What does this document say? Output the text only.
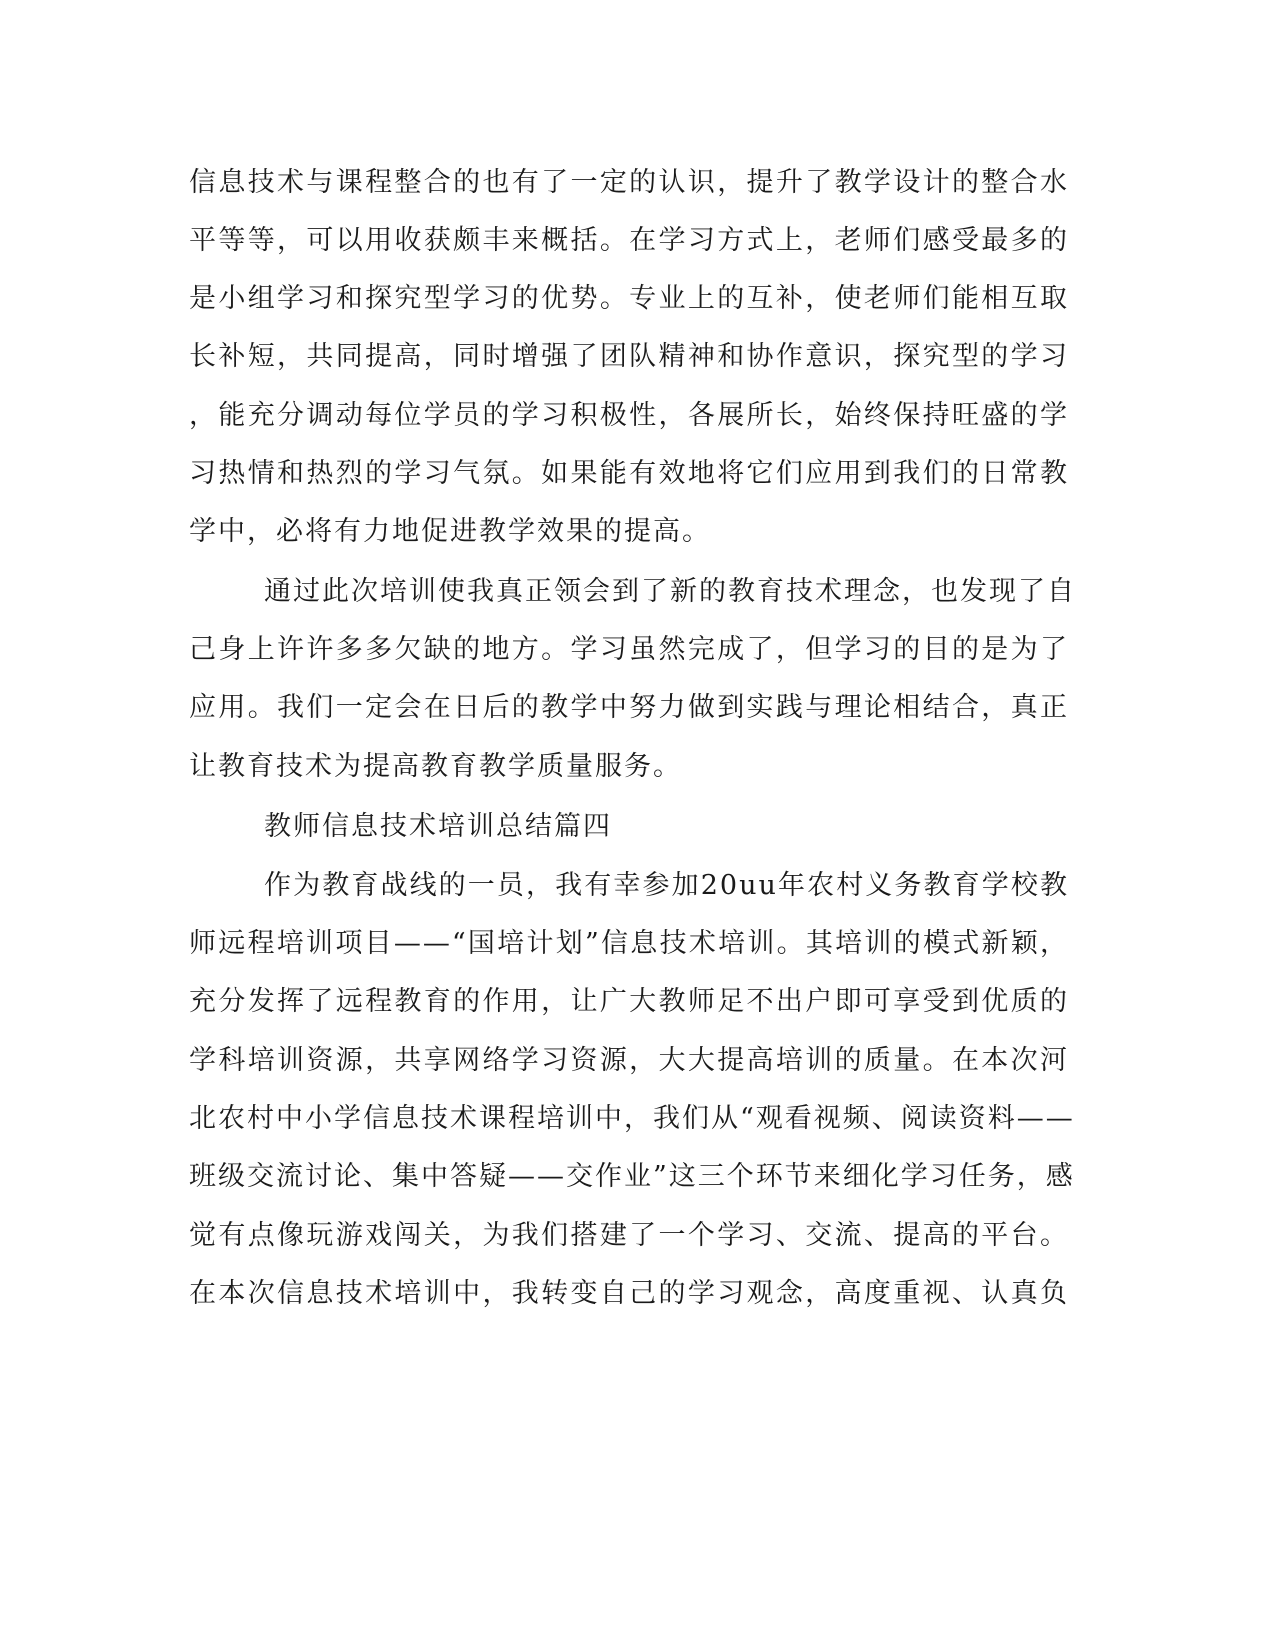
信息技术与课程整合的也有了一定的认识，提升了教学设计的整合水
平等等，可以用收获颇丰来概括。在学习方式上，老师们感受最多的
是小组学习和探究型学习的优势。专业上的互补，使老师们能相互取
长补短，共同提高，同时增强了团队精神和协作意识，探究型的学习
，能充分调动每位学员的学习积极性，各展所长，始终保持旺盛的学
习热情和热烈的学习气氛。如果能有效地将它们应用到我们的日常教
学中，必将有力地促进教学效果的提高。
通过此次培训使我真正领会到了新的教育技术理念，也发现了自
己身上许许多多欠缺的地方。学习虽然完成了，但学习的目的是为了
应用。我们一定会在日后的教学中努力做到实践与理论相结合，真正
让教育技术为提高教育教学质量服务。
教师信息技术培训总结篇四
作为教育战线的一员，我有幸参加20uu年农村义务教育学校教
师远程培训项目——“国培计划”信息技术培训。其培训的模式新颖，
充分发挥了远程教育的作用，让广大教师足不出户即可享受到优质的
学科培训资源，共享网络学习资源，大大提高培训的质量。在本次河
北农村中小学信息技术课程培训中，我们从“观看视频、阅读资料——
班级交流讨论、集中答疑——交作业”这三个环节来细化学习任务，感
觉有点像玩游戏闯关，为我们搭建了一个学习、交流、提高的平台。
在本次信息技术培训中，我转变自己的学习观念，高度重视、认真负
